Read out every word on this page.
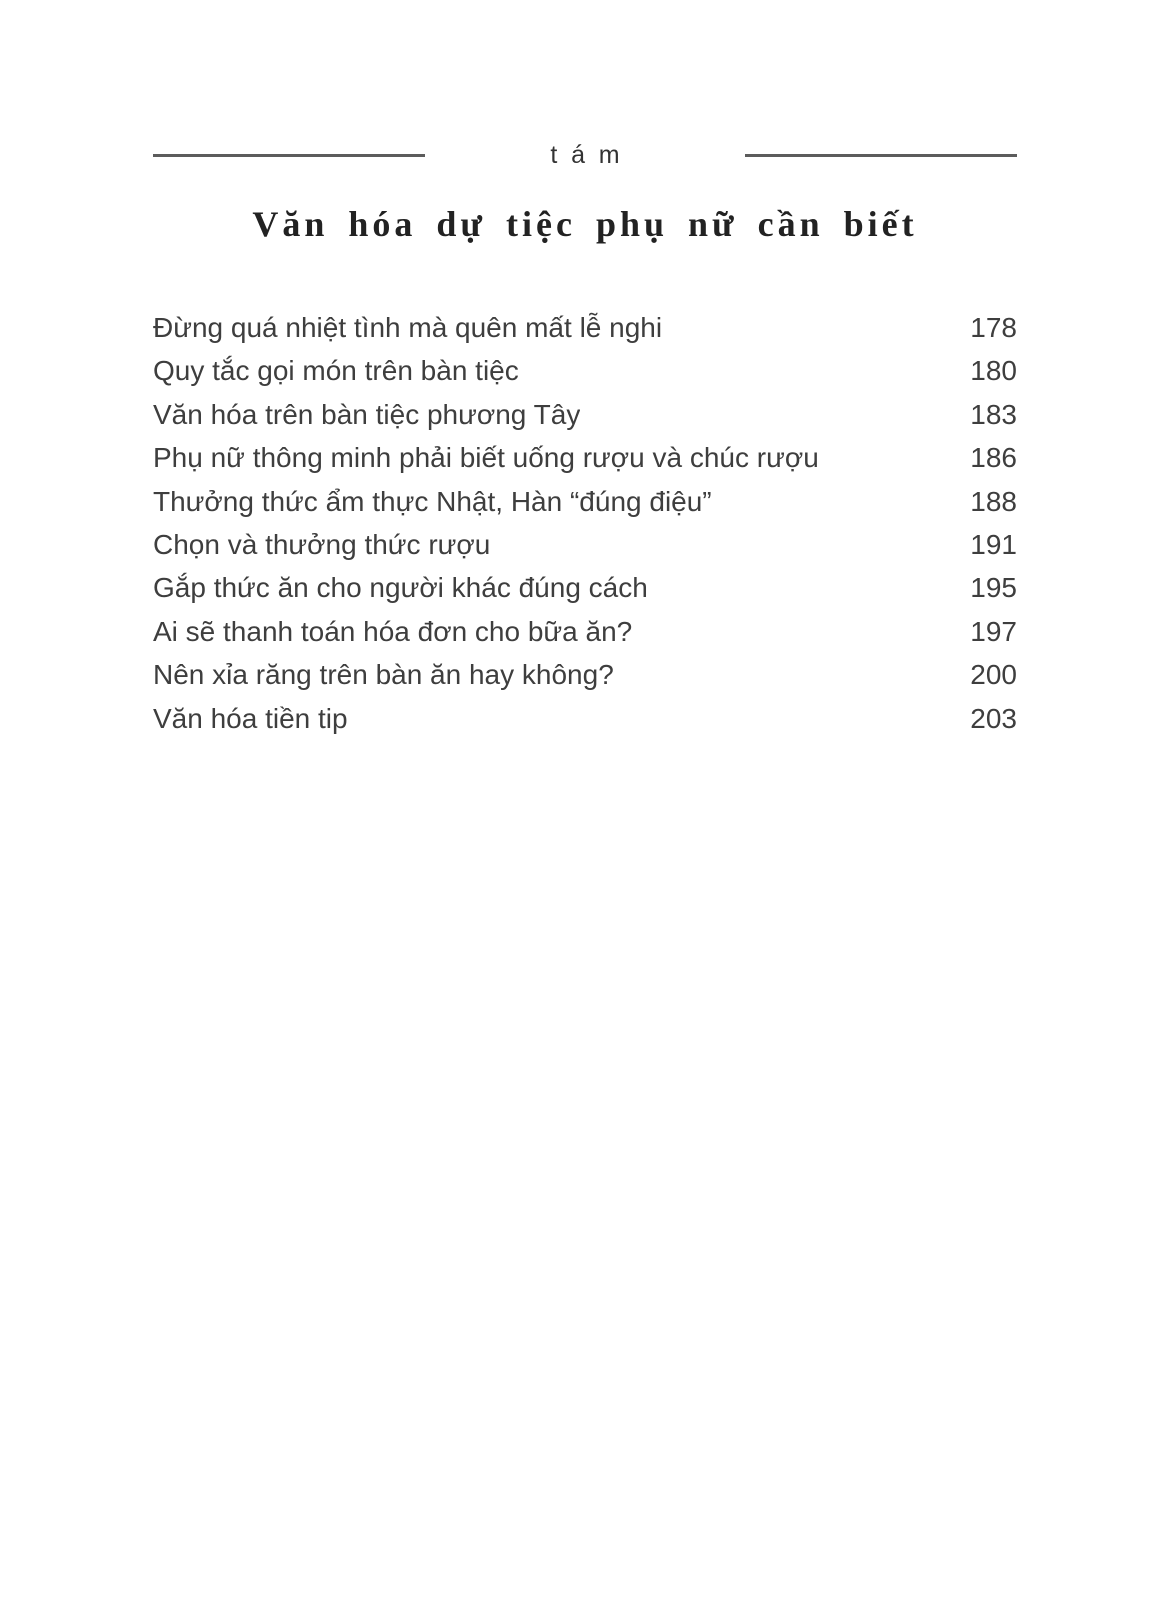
tám
Văn hóa dự tiệc phụ nữ cần biết
Đừng quá nhiệt tình mà quên mất lễ nghi	178
Quy tắc gọi món trên bàn tiệc	180
Văn hóa trên bàn tiệc phương Tây	183
Phụ nữ thông minh phải biết uống rượu và chúc rượu	186
Thưởng thức ẩm thực Nhật, Hàn “đúng điệu”	188
Chọn và thưởng thức rượu	191
Gắp thức ăn cho người khác đúng cách	195
Ai sẽ thanh toán hóa đơn cho bữa ăn?	197
Nên xỉa răng trên bàn ăn hay không?	200
Văn hóa tiền tip	203
